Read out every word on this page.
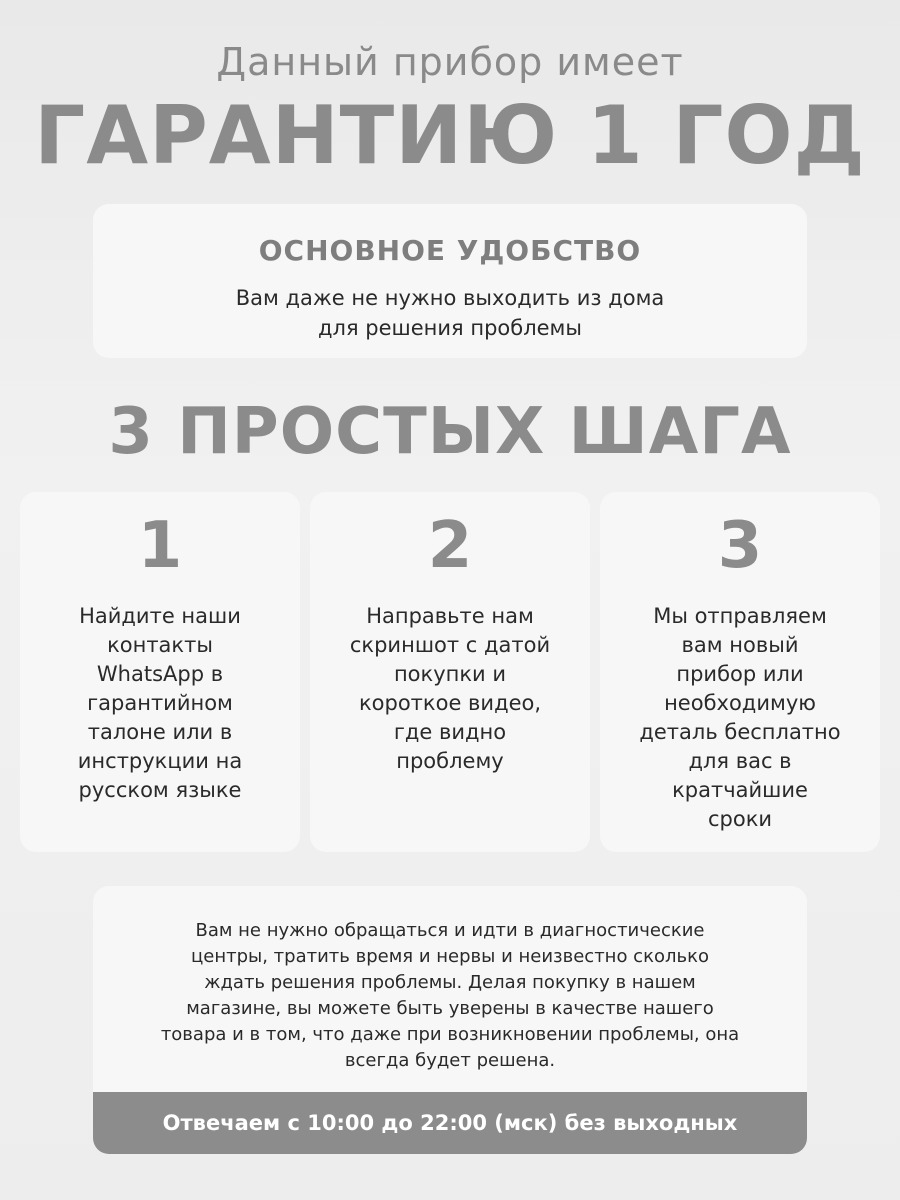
Данный прибор имеет
ГАРАНТИЮ 1 ГОД
ОСНОВНОЕ УДОБСТВО
Вам даже не нужно выходить из дома
для решения проблемы
3 ПРОСТЫХ ШАГА
1
Найдите наши
контакты
WhatsApp в
гарантийном
талоне или в
инструкции на
русском языке
2
Направьте нам
скриншот с датой
покупки и
короткое видео,
где видно
проблему
3
Мы отправляем
вам новый
прибор или
необходимую
деталь бесплатно
для вас в
кратчайшие
сроки
Вам не нужно обращаться и идти в диагностические
центры, тратить время и нервы и неизвестно сколько
ждать решения проблемы. Делая покупку в нашем
магазине, вы можете быть уверены в качестве нашего
товара и в том, что даже при возникновении проблемы, она
всегда будет решена.
Отвечаем с 10:00 до 22:00 (мск) без выходных
